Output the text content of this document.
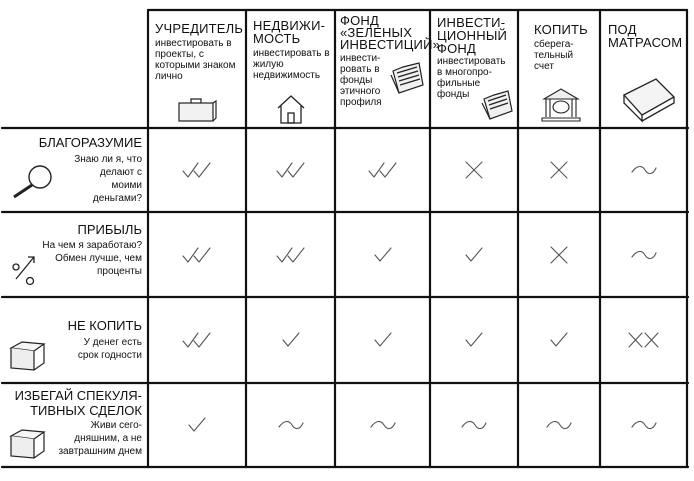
УЧРЕДИТЕЛЬ
инвестировать в проекты, с которыми знаком лично
НЕДВИЖИ-МОСТЬ
инвестировать в жилую недвижимость
ФОНД «ЗЕЛЕНЫХ ИНВЕСТИЦИЙ»
инвести-ровать в фонды этичного профиля
ИНВЕСТИ-ЦИОННЫЙ ФОНД
инвестировать в многопро-фильные фонды
КОПИТЬ
сберега-тельный счет
ПОД МАТРАСОМ
БЛАГОРАЗУМИЕ
Знаю ли я, что делают с моими деньгами?
ПРИБЫЛЬ
На чем я заработаю? Обмен лучше, чем проценты
НЕ КОПИТЬ
У денег есть срок годности
ИЗБЕГАЙ СПЕКУЛЯ-ТИВНЫХ СДЕЛОК
Живи сего-дняшним, а не завтрашним днем
